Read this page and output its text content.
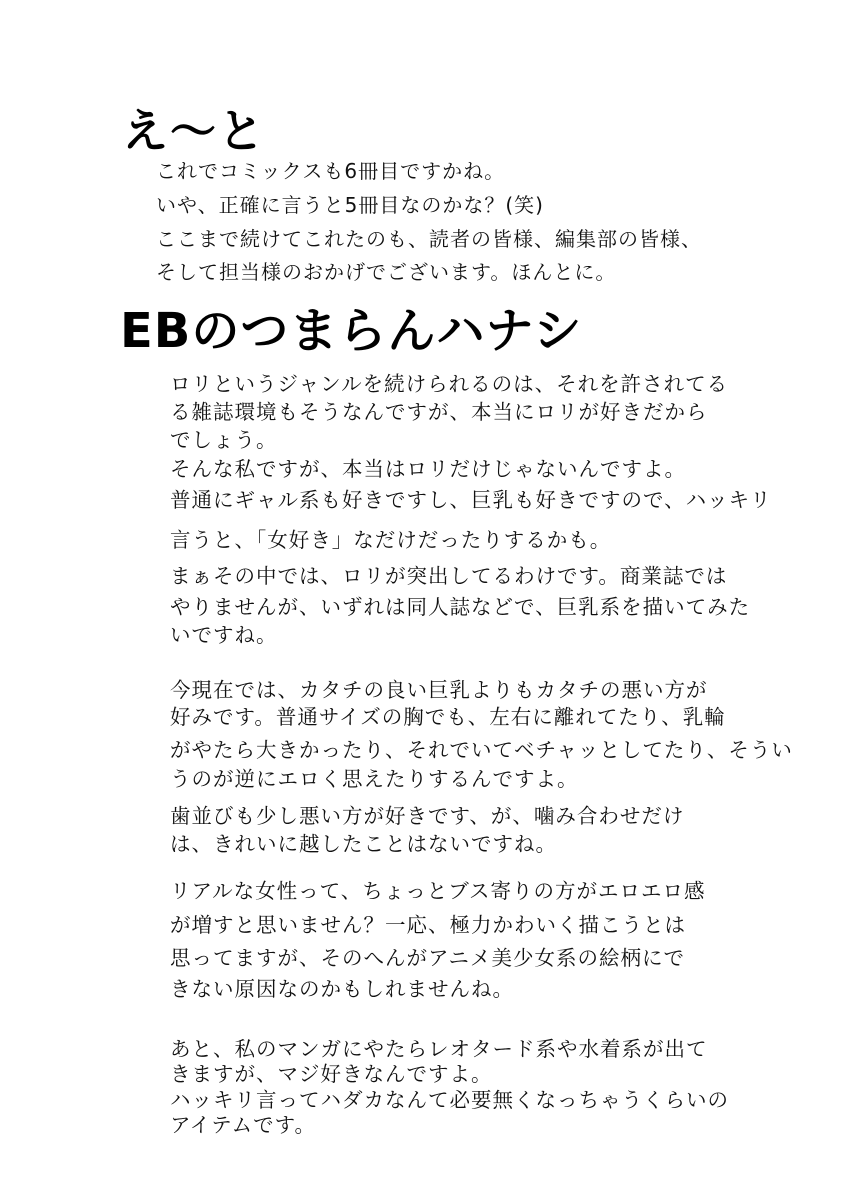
え〜と
これでコミックスも6冊目ですかね。
いや、正確に言うと5冊目なのかな？(笑)
ここまで続けてこれたのも、読者の皆様、編集部の皆様、
そして担当様のおかげでございます。ほんとに。
EBのつまらんハナシ
ロリというジャンルを続けられるのは、それを許されてる
る雑誌環境もそうなんですが、本当にロリが好きだから
でしょう。
そんな私ですが、本当はロリだけじゃないんですよ。
普通にギャル系も好きですし、巨乳も好きですので、ハッキリ
言うと、「女好き」なだけだったりするかも。
まぁその中では、ロリが突出してるわけです。商業誌では
やりませんが、いずれは同人誌などで、巨乳系を描いてみた
いですね。
今現在では、カタチの良い巨乳よりもカタチの悪い方が
好みです。普通サイズの胸でも、左右に離れてたり、乳輪
がやたら大きかったり、それでいてベチャッとしてたり、そうい
うのが逆にエロく思えたりするんですよ。
歯並びも少し悪い方が好きです、が、噛み合わせだけ
は、きれいに越したことはないですね。
リアルな女性って、ちょっとブス寄りの方がエロエロ感
が増すと思いません？一応、極力かわいく描こうとは
思ってますが、そのへんがアニメ美少女系の絵柄にで
きない原因なのかもしれませんね。
あと、私のマンガにやたらレオタード系や水着系が出て
きますが、マジ好きなんですよ。
ハッキリ言ってハダカなんて必要無くなっちゃうくらいの
アイテムです。
